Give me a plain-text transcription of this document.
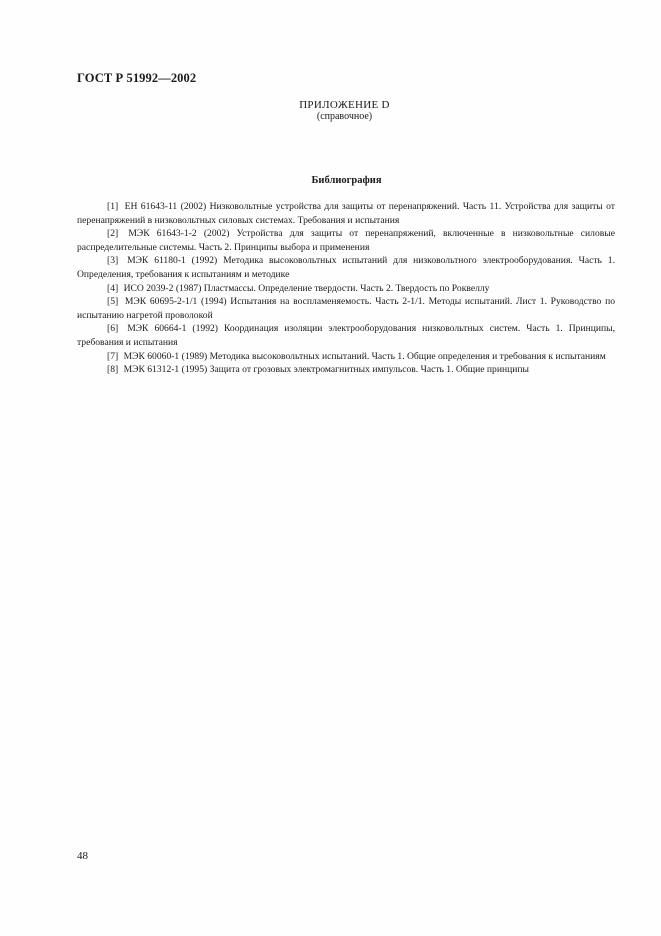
ГОСТ Р 51992—2002
ПРИЛОЖЕНИЕ D
(справочное)
Библиография

[1] ЕН 61643-11 (2002) Низковольтные устройства для защиты от перенапряжений. Часть 11. Устройства для защиты от перенапряжений в низковольтных силовых системах. Требования и испытания

[2] МЭК 61643-1-2 (2002) Устройства для защиты от перенапряжений, включенные в низковольтные силовые распределительные системы. Часть 2. Принципы выбора и применения

[3] МЭК 61180-1 (1992) Методика высоковольтных испытаний для низковольтного электрооборудования. Часть 1. Определения, требования к испытаниям и методике

[4] ИСО 2039-2 (1987) Пластмассы. Определение твердости. Часть 2. Твердость по Роквеллу

[5] МЭК 60695-2-1/1 (1994) Испытания на воспламеняемость. Часть 2-1/1. Методы испытаний. Лист 1. Руководство по испытанию нагретой проволокой

[6] МЭК 60664-1 (1992) Координация изоляции электрооборудования низковольтных систем. Часть 1. Принципы, требования и испытания

[7] МЭК 60060-1 (1989) Методика высоковольтных испытаний. Часть 1. Общие определения и требования к испытаниям

[8] МЭК 61312-1 (1995) Защита от грозовых электромагнитных импульсов. Часть 1. Общие принципы

48
